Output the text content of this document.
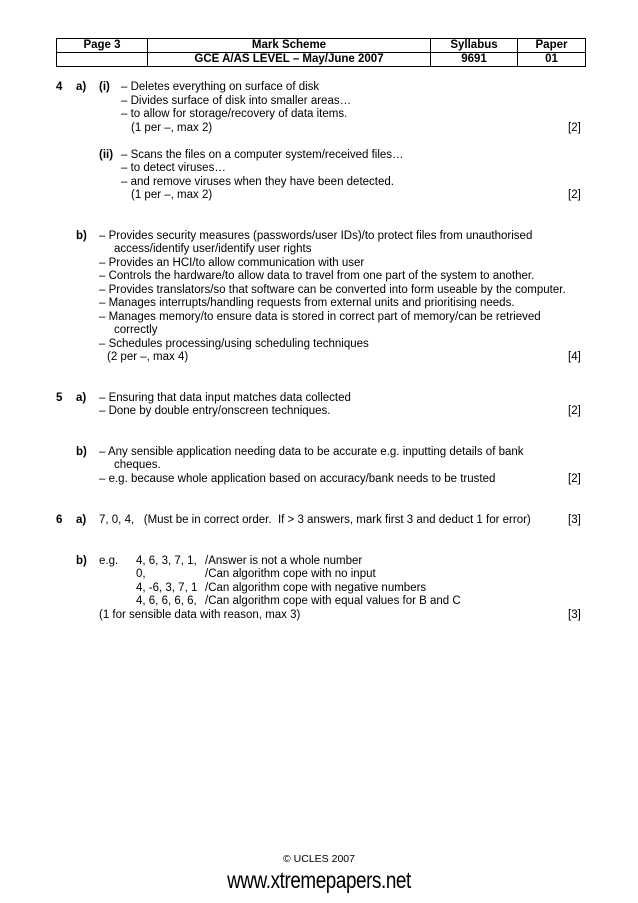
Page 3	Mark Scheme	Syllabus	Paper
	GCE A/AS LEVEL – May/June 2007	9691	01
4 a) (i) – Deletes everything on surface of disk
– Divides surface of disk into smaller areas…
– to allow for storage/recovery of data items.
(1 per –, max 2)	[2]
(ii) – Scans the files on a computer system/received files…
– to detect viruses…
– and remove viruses when they have been detected.
(1 per –, max 2)	[2]
b) – Provides security measures (passwords/user IDs)/to protect files from unauthorised
access/identify user/identify user rights
– Provides an HCI/to allow communication with user
– Controls the hardware/to allow data to travel from one part of the system to another.
– Provides translators/so that software can be converted into form useable by the computer.
– Manages interrupts/handling requests from external units and prioritising needs.
– Manages memory/to ensure data is stored in correct part of memory/can be retrieved
correctly
– Schedules processing/using scheduling techniques
(2 per –, max 4)	[4]
5 a) – Ensuring that data input matches data collected
– Done by double entry/onscreen techniques.	[2]
b) – Any sensible application needing data to be accurate e.g. inputting details of bank
cheques.
– e.g. because whole application based on accuracy/bank needs to be trusted	[2]
6 a) 7, 0, 4,   (Must be in correct order.  If > 3 answers, mark first 3 and deduct 1 for error)	[3]
b) e.g. 4, 6, 3, 7, 1, /Answer is not a whole number
0,	/Can algorithm cope with no input
4, -6, 3, 7, 1 /Can algorithm cope with negative numbers
4, 6, 6, 6, 6, /Can algorithm cope with equal values for B and C
(1 for sensible data with reason, max 3)	[3]
© UCLES 2007
www.xtremepapers.net
